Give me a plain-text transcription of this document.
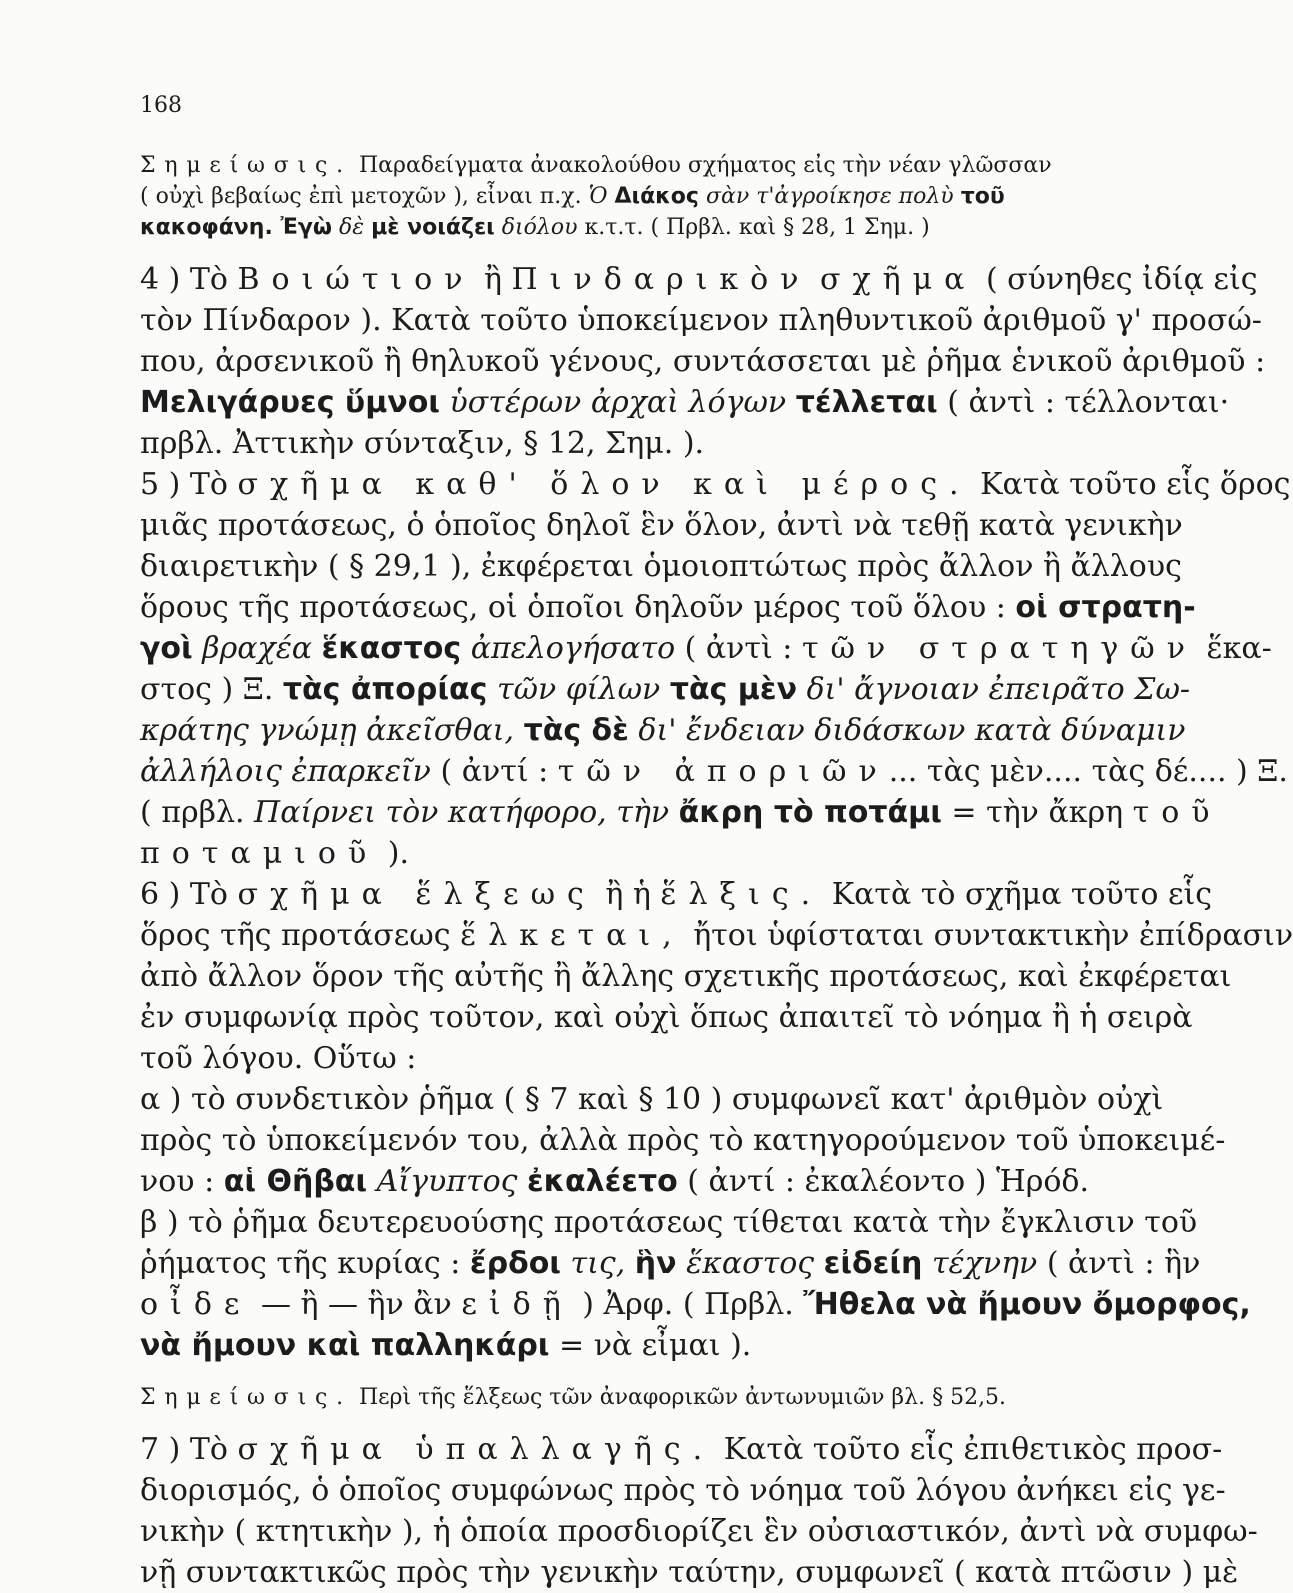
168
Σημείωσις. Παραδείγματα ἀνακολούθου σχήματος εἰς τὴν νέαν γλῶσσαν
( οὐχὶ βεβαίως ἐπὶ μετοχῶν ), εἶναι π.χ. Ὁ Διάκος σὰν τ'ἀγροίκησε πολὺ τοῦ
κακοφάνη. Ἐγὼ δὲ μὲ νοιάζει διόλου κ.τ.τ. ( Πρβλ. καὶ § 28, 1 Σημ. )
4 ) Τὸ Βοιώτιον ἢ Πινδαρικὸν σχῆμα ( σύνηθες ἰδίᾳ εἰς
τὸν Πίνδαρον ). Κατὰ τοῦτο ὑποκείμενον πληθυντικοῦ ἀριθμοῦ γ' προσώ-
που, ἀρσενικοῦ ἢ θηλυκοῦ γένους, συντάσσεται μὲ ῥῆμα ἑνικοῦ ἀριθμοῦ :
Μελιγάρυες ὕμνοι ὑστέρων ἀρχαὶ λόγων τέλλεται ( ἀντὶ : τέλλονται·
πρβλ. Ἀττικὴν σύνταξιν, § 12, Σημ. ).
5 ) Τὸ σχῆμα καθ' ὅλον καὶ μέρος. Κατὰ τοῦτο εἷς ὅρος
μιᾶς προτάσεως, ὁ ὁποῖος δηλοῖ ἓν ὅλον, ἀντὶ νὰ τεθῇ κατὰ γενικὴν
διαιρετικὴν ( § 29,1 ), ἐκφέρεται ὁμοιοπτώτως πρὸς ἄλλον ἢ ἄλλους
ὅρους τῆς προτάσεως, οἱ ὁποῖοι δηλοῦν μέρος τοῦ ὅλου : οἱ στρατη-
γοὶ βραχέα ἕκαστος ἀπελογήσατο ( ἀντὶ : τῶν στρατηγῶν ἕκα-
στος ) Ξ. τὰς ἀπορίας τῶν φίλων τὰς μὲν δι' ἄγνοιαν ἐπειρᾶτο Σω-
κράτης γνώμῃ ἀκεῖσθαι, τὰς δὲ δι' ἔνδειαν διδάσκων κατὰ δύναμιν
ἀλλήλοις ἐπαρκεῖν ( ἀντί : τῶν ἀποριῶν... τὰς μὲν.... τὰς δέ.... ) Ξ.
( πρβλ. Παίρνει τὸν κατήφορο, τὴν ἄκρη τὸ ποτάμι = τὴν ἄκρη τοῦ
ποταμιοῦ ).
6 ) Τὸ σχῆμα ἕλξεως ἢ ἡ ἕλξις. Κατὰ τὸ σχῆμα τοῦτο εἷς
ὅρος τῆς προτάσεως ἕλκεται, ἤτοι ὑφίσταται συντακτικὴν ἐπίδρασιν
ἀπὸ ἄλλον ὅρον τῆς αὐτῆς ἢ ἄλλης σχετικῆς προτάσεως, καὶ ἐκφέρεται
ἐν συμφωνίᾳ πρὸς τοῦτον, καὶ οὐχὶ ὅπως ἀπαιτεῖ τὸ νόημα ἢ ἡ σειρὰ
τοῦ λόγου. Οὕτω :
α ) τὸ συνδετικὸν ῥῆμα ( § 7 καὶ § 10 ) συμφωνεῖ κατ' ἀριθμὸν οὐχὶ
πρὸς τὸ ὑποκείμενόν του, ἀλλὰ πρὸς τὸ κατηγορούμενον τοῦ ὑποκειμέ-
νου : αἱ Θῆβαι Αἴγυπτος ἐκαλέετο ( ἀντί : ἐκαλέοντο ) Ἡρόδ.
β ) τὸ ῥῆμα δευτερευούσης προτάσεως τίθεται κατὰ τὴν ἔγκλισιν τοῦ
ῥήματος τῆς κυρίας : ἔρδοι τις, ἣν ἕκαστος εἰδείη τέχνην ( ἀντὶ : ἣν
οἶδε — ἢ — ἣν ἂν εἰδῇ ) Ἀρφ. ( Πρβλ. Ἤθελα νὰ ἤμουν ὄμορφος,
νὰ ἤμουν καὶ παλληκάρι = νὰ εἶμαι ).
Σημείωσις. Περὶ τῆς ἕλξεως τῶν ἀναφορικῶν ἀντωνυμιῶν βλ. § 52,5.
7 ) Τὸ σχῆμα ὑπαλλαγῆς. Κατὰ τοῦτο εἷς ἐπιθετικὸς προσ-
διορισμός, ὁ ὁποῖος συμφώνως πρὸς τὸ νόημα τοῦ λόγου ἀνήκει εἰς γε-
νικὴν ( κτητικὴν ), ἡ ὁποία προσδιορίζει ἓν οὐσιαστικόν, ἀντὶ νὰ συμφω-
νῇ συντακτικῶς πρὸς τὴν γενικὴν ταύτην, συμφωνεῖ ( κατὰ πτῶσιν ) μὲ
